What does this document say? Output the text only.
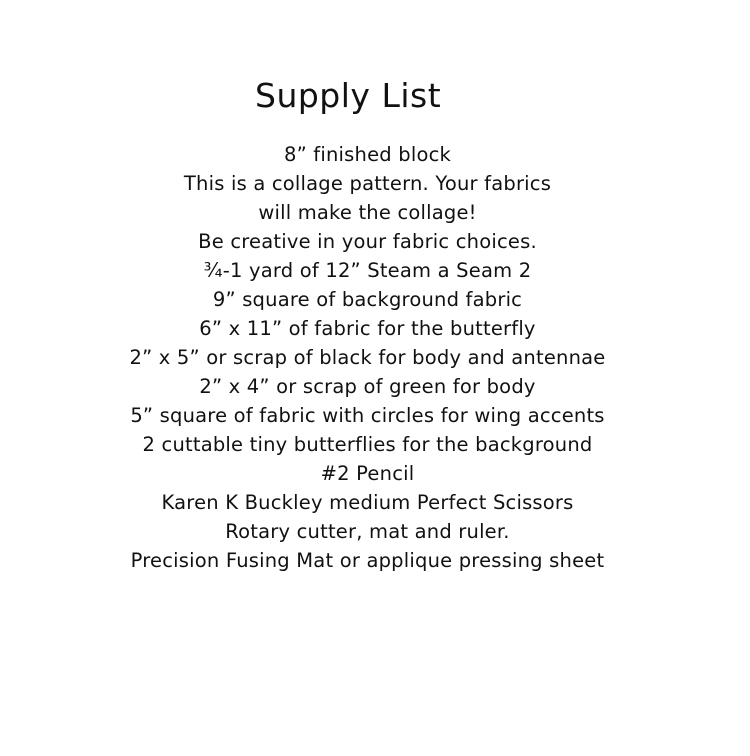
Supply List
8” finished block
This is a collage pattern. Your fabrics
will make the collage!
Be creative in your fabric choices.
¾-1 yard of 12” Steam a Seam 2
9” square of background fabric
6” x 11” of fabric for the butterfly
2” x 5” or scrap of black for body and antennae
2” x 4” or scrap of green for body
5” square of fabric with circles for wing accents
2 cuttable tiny butterflies for the background
#2 Pencil
Karen K Buckley medium Perfect Scissors
Rotary cutter, mat and ruler.
Precision Fusing Mat or applique pressing sheet
